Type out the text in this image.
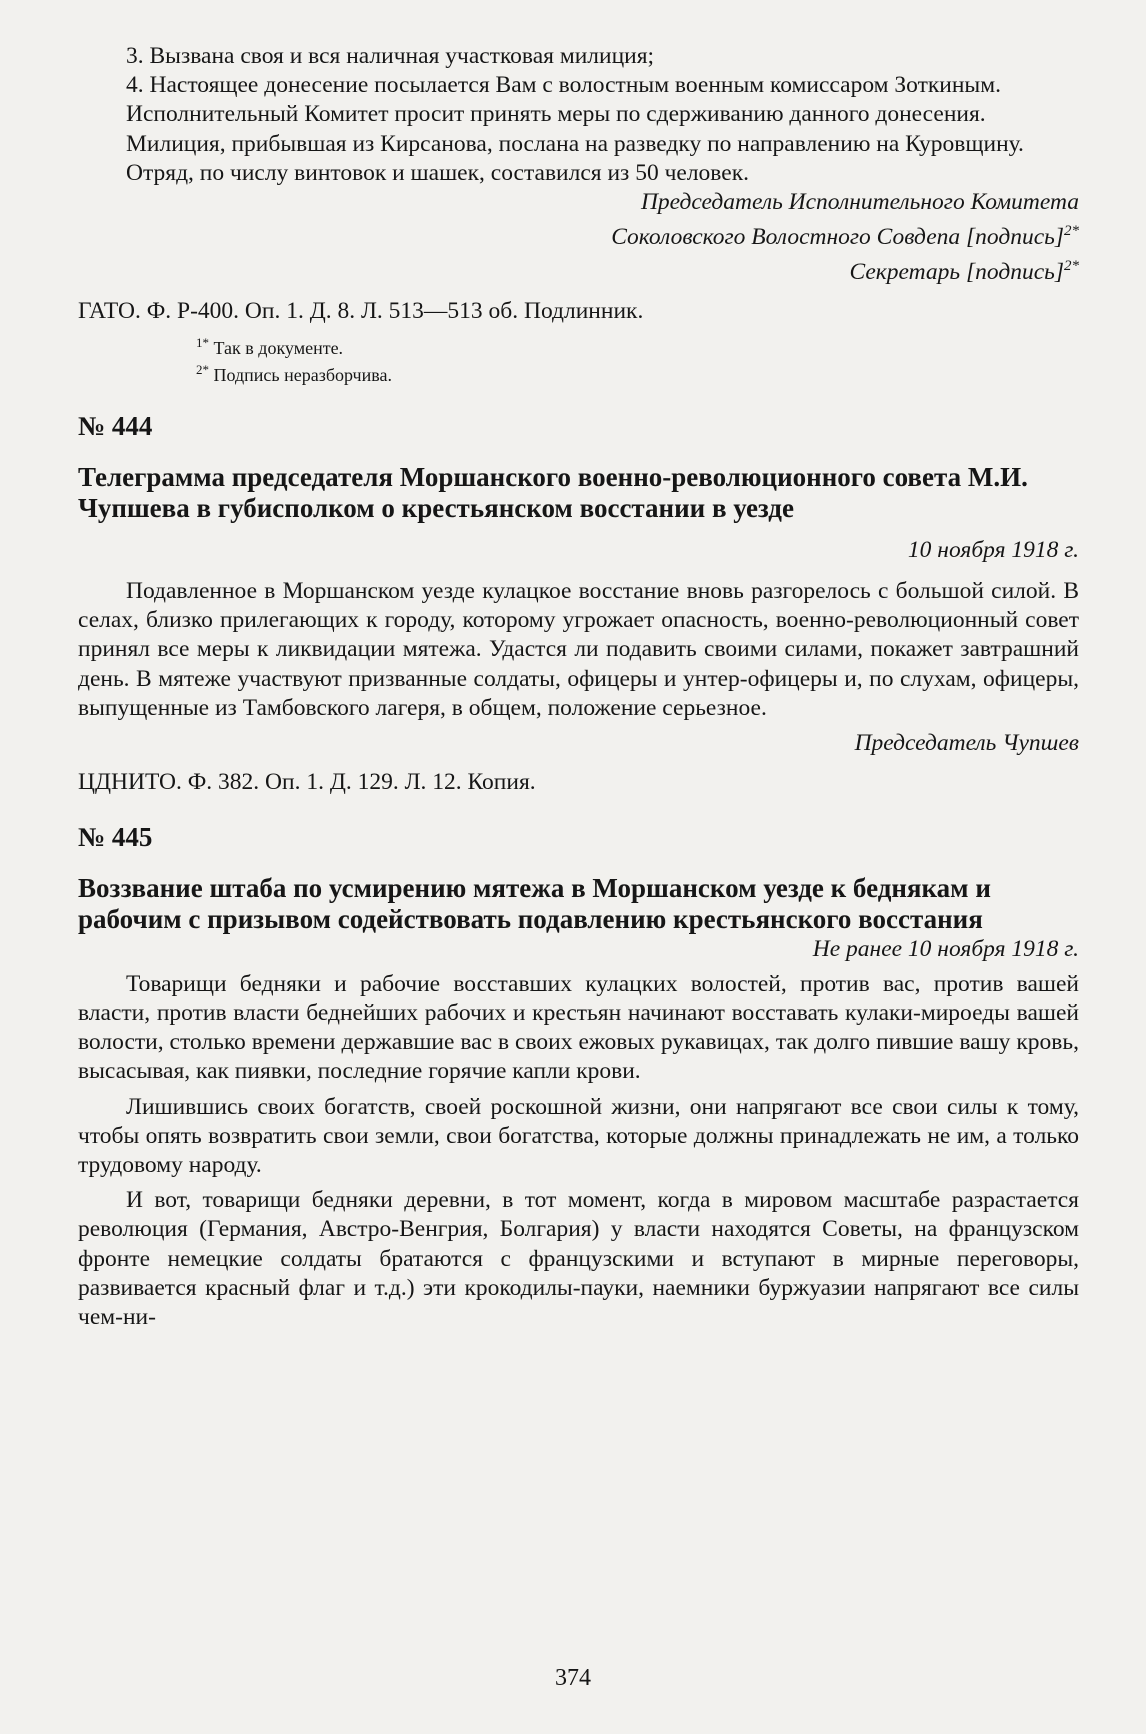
3. Вызвана своя и вся наличная участковая милиция;

4. Настоящее донесение посылается Вам с волостным военным комиссаром Зоткиным.

Исполнительный Комитет просит принять меры по сдерживанию данного донесения.

Милиция, прибывшая из Кирсанова, послана на разведку по направлению на Куровщину.

Отряд, по числу винтовок и шашек, составился из 50 человек.

Председатель Исполнительного Комитета

Соколовского Волостного Совдепа [подпись]$^{2*}$

Секретарь [подпись]$^{2*}$

ГАТО. Ф. Р-400. Оп. 1. Д. 8. Л. 513—513 об. Подлинник.

$^{1*}$ Так в документе.
$^{2*}$ Подпись неразборчива.
№ 444
Телеграмма председателя Моршанского военно-революционного совета М.И. Чупшева в губисполком о крестьянском восстании в уезде

10 ноября 1918 г.

Подавленное в Моршанском уезде кулацкое восстание вновь разгорелось с большой силой. В селах, близко прилегающих к городу, которому угрожает опасность, военно-революционный совет принял все меры к ликвидации мятежа. Удастся ли подавить своими силами, покажет завтрашний день. В мятеже участвуют призванные солдаты, офицеры и унтер-офицеры и, по слухам, офицеры, выпущенные из Тамбовского лагеря, в общем, положение серьезное.

Председатель Чупшев

ЦДНИТО. Ф. 382. Оп. 1. Д. 129. Л. 12. Копия.

№ 445
Воззвание штаба по усмирению мятежа в Моршанском уезде к беднякам и рабочим с призывом содействовать подавлению крестьянского восстания

Не ранее 10 ноября 1918 г.

Товарищи бедняки и рабочие восставших кулацких волостей, против вас, против вашей власти, против власти беднейших рабочих и крестьян начинают восставать кулаки-мироеды вашей волости, столько времени державшие вас в своих ежовых рукавицах, так долго пившие вашу кровь, высасывая, как пиявки, последние горячие капли крови.

Лишившись своих богатств, своей роскошной жизни, они напрягают все свои силы к тому, чтобы опять возвратить свои земли, свои богатства, которые должны принадлежать не им, а только трудовому народу.

И вот, товарищи бедняки деревни, в тот момент, когда в мировом масштабе разрастается революция (Германия, Австро-Венгрия, Болгария) у власти находятся Советы, на французском фронте немецкие солдаты братаются с французскими и вступают в мирные переговоры, развивается красный флаг и т.д.) эти крокодилы-пауки, наемники буржуазии напрягают все силы чем-ни-

374
